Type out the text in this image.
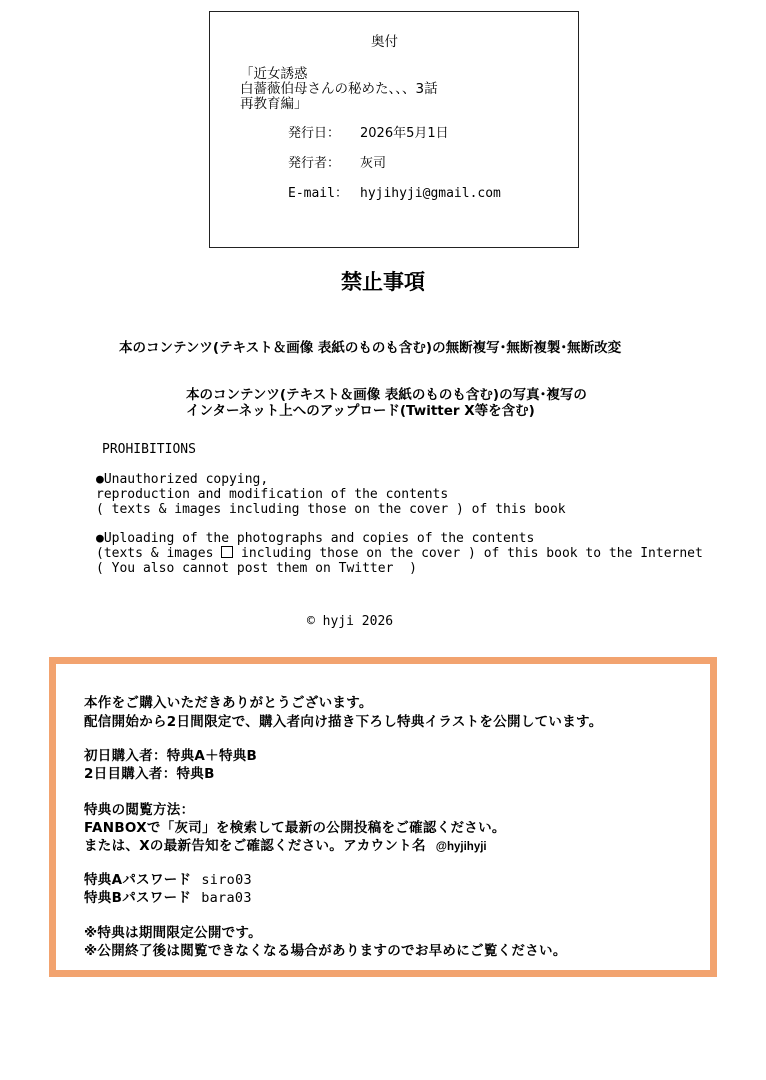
奥付
「近女誘惑
白薔薇伯母さんの秘めた、、、3話
再教育編」
発行日： 2026年5月1日
発行者： 灰司
E-mail： hyjihyji@gmail.com
禁止事項
本のコンテンツ(テキスト＆画像 表紙のものも含む)の無断複写･無断複製･無断改変
本のコンテンツ(テキスト＆画像 表紙のものも含む)の写真･複写の
インターネット上へのアップロード(Twitter X等を含む)
PROHIBITIONS
●Unauthorized copying,
reproduction and modification of the contents
( texts & images including those on the cover ) of this book
●Uploading of the photographs and copies of the contents
(texts & images  including those on the cover ) of this book to the Internet
( You also cannot post them on Twitter  )
© hyji 2026
本作をご購入いただきありがとうございます。
配信開始から2日間限定で、購入者向け描き下ろし特典イラストを公開しています。
初日購入者：特典A＋特典B
2日目購入者：特典B
特典の閲覧方法：
FANBOXで「灰司」を検索して最新の公開投稿をご確認ください。
または、Xの最新告知をご確認ください。アカウント名 @hyjihyji
特典Aパスワード siro03
特典Bパスワード bara03
※特典は期間限定公開です。
※公開終了後は閲覧できなくなる場合がありますのでお早めにご覧ください。
